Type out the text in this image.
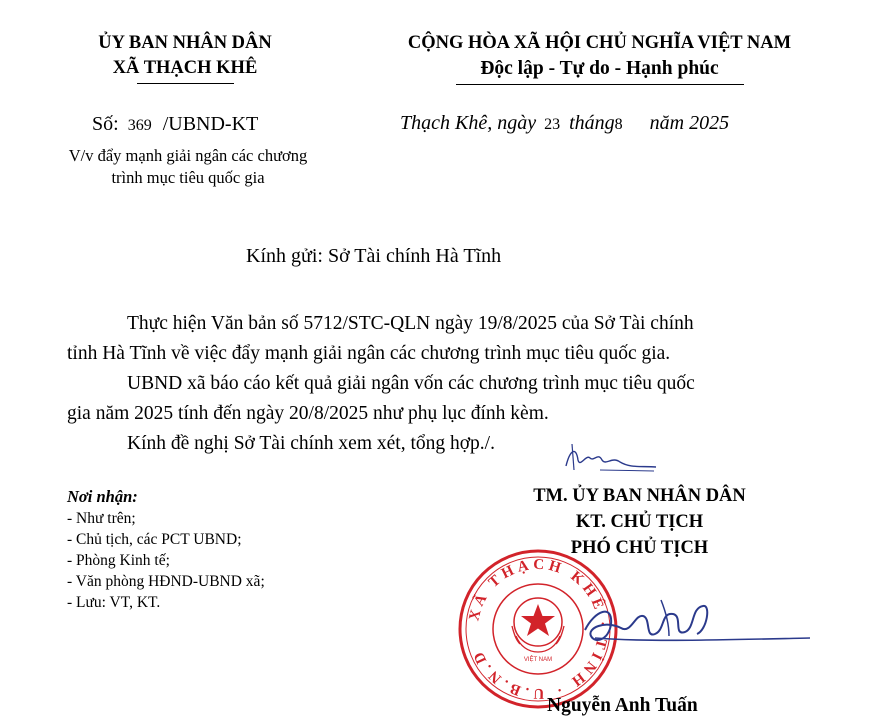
ỦY BAN NHÂN DÂN
XÃ THẠCH KHÊ
Số: 369 /UBND-KT
V/v đẩy mạnh giải ngân các chương
trình mục tiêu quốc gia
CỘNG HÒA XÃ HỘI CHỦ NGHĨA VIỆT NAM
Độc lập - Tự do - Hạnh phúc
Thạch Khê, ngày 23 tháng8 năm 2025
Kính gửi: Sở Tài chính Hà Tĩnh
Thực hiện Văn bản số 5712/STC-QLN ngày 19/8/2025 của Sở Tài chính
tỉnh Hà Tĩnh về việc đẩy mạnh giải ngân các chương trình mục tiêu quốc gia.
UBND xã báo cáo kết quả giải ngân vốn các chương trình mục tiêu quốc
gia năm 2025 tính đến ngày 20/8/2025 như phụ lục đính kèm.
Kính đề nghị Sở Tài chính xem xét, tổng hợp./.
Nơi nhận:
- Như trên;
- Chủ tịch, các PCT UBND;
- Phòng Kinh tế;
- Văn phòng HĐND-UBND xã;
- Lưu: VT, KT.
TM. ỦY BAN NHÂN DÂN
KT. CHỦ TỊCH
PHÓ CHỦ TỊCH
XÃ THẠCH KHÊ · TỈNH · U.B.N.D	VIỆT NAM
Nguyễn Anh Tuấn
